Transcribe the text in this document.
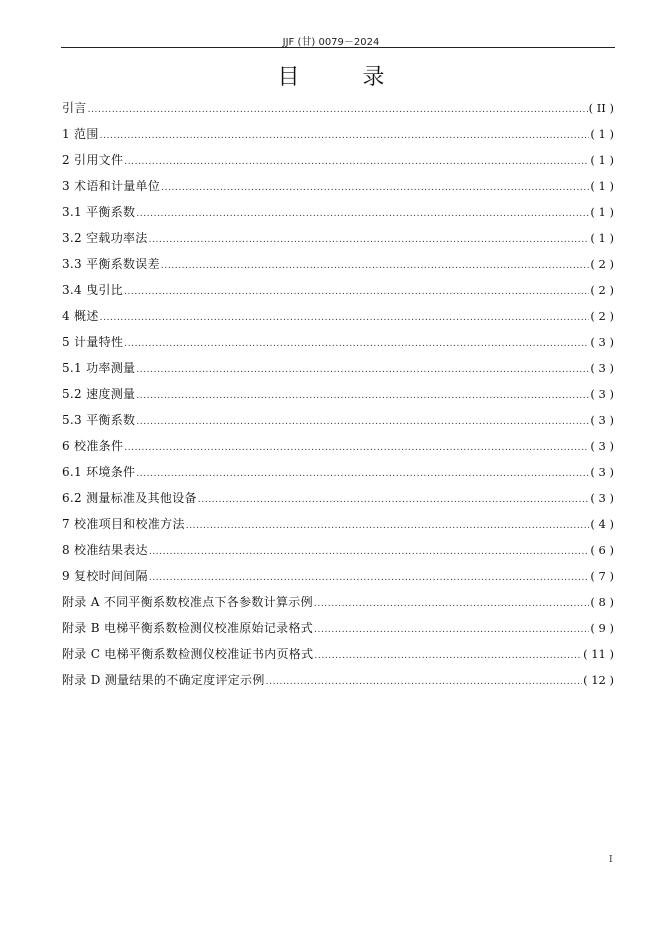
JJF (甘) 0079－2024
目 录
引言 .....	( II )
1 范围 .....	( 1 )
2 引用文件 .....	( 1 )
3 术语和计量单位 .....	( 1 )
3.1 平衡系数 .....	( 1 )
3.2 空载功率法 .....	( 1 )
3.3 平衡系数误差 .....	( 2 )
3.4 曳引比 .....	( 2 )
4 概述 .....	( 2 )
5 计量特性 .....	( 3 )
5.1 功率测量 .....	( 3 )
5.2 速度测量 .....	( 3 )
5.3 平衡系数 .....	( 3 )
6 校准条件 .....	( 3 )
6.1 环境条件 .....	( 3 )
6.2 测量标准及其他设备 .....	( 3 )
7 校准项目和校准方法 .....	( 4 )
8 校准结果表达 .....	( 6 )
9 复校时间间隔 .....	( 7 )
附录 A 不同平衡系数校准点下各参数计算示例 .....	( 8 )
附录 B 电梯平衡系数检测仪校准原始记录格式 .....	( 9 )
附录 C 电梯平衡系数检测仪校准证书内页格式 .....	( 11 )
附录 D 测量结果的不确定度评定示例 .....	( 12 )
I
